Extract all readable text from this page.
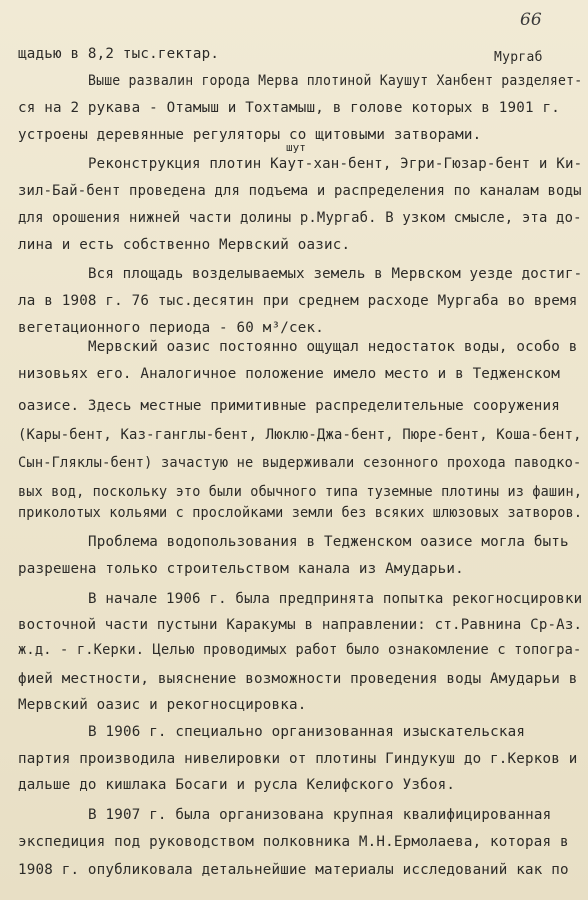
66
Мургаб
шут
щадью в 8,2 тыс.гектар.
Выше развалин города Мерва плотиной Каушут Ханбент разделяет-
ся на 2 рукава - Отамыш и Тохтамыш, в голове которых в 1901 г.
устроены деревянные регуляторы со щитовыми затворами.
Реконструкция плотин Каут-хан-бент, Эгри-Гюзар-бент и Ки-
зил-Бай-бент проведена для подъема и распределения по каналам воды
для орошения нижней части долины р.Мургаб. В узком смысле, эта до-
лина и есть собственно Мервский оазис.
Вся площадь возделываемых земель в Мервском уезде достиг-
ла в 1908 г. 76 тыс.десятин при среднем расходе Мургаба во время
вегетационного периода - 60 м³/сек.
Мервский оазис постоянно ощущал недостаток воды, особо в
низовьях его. Аналогичное положение имело место и в Тедженском
оазисе. Здесь местные примитивные распределительные сооружения
(Кары-бент, Каз-ганглы-бент, Люклю-Джа-бент, Пюре-бент, Коша-бент,
Сын-Гляклы-бент) зачастую не выдерживали сезонного прохода паводко-
вых вод, поскольку это были обычного типа туземные плотины из фашин,
приколотых кольями с прослойками земли без всяких шлюзовых затворов.
Проблема водопользования в Тедженском оазисе могла быть
разрешена только строительством канала из Амударьи.
В начале 1906 г. была предпринята попытка рекогносцировки
восточной части пустыни Каракумы в направлении: ст.Равнина Ср-Аз.
ж.д. - г.Керки. Целью проводимых работ было ознакомление с топогра-
фией местности, выяснение возможности проведения воды Амударьи в
Мервский оазис и рекогносцировка.
В 1906 г. специально организованная изыскательская
партия производила нивелировки от плотины Гиндукуш до г.Керков и
дальше до кишлака Босаги и русла Келифского Узбоя.
В 1907 г. была организована крупная квалифицированная
экспедиция под руководством полковника М.Н.Ермолаева, которая в
1908 г. опубликовала детальнейшие материалы исследований как по
